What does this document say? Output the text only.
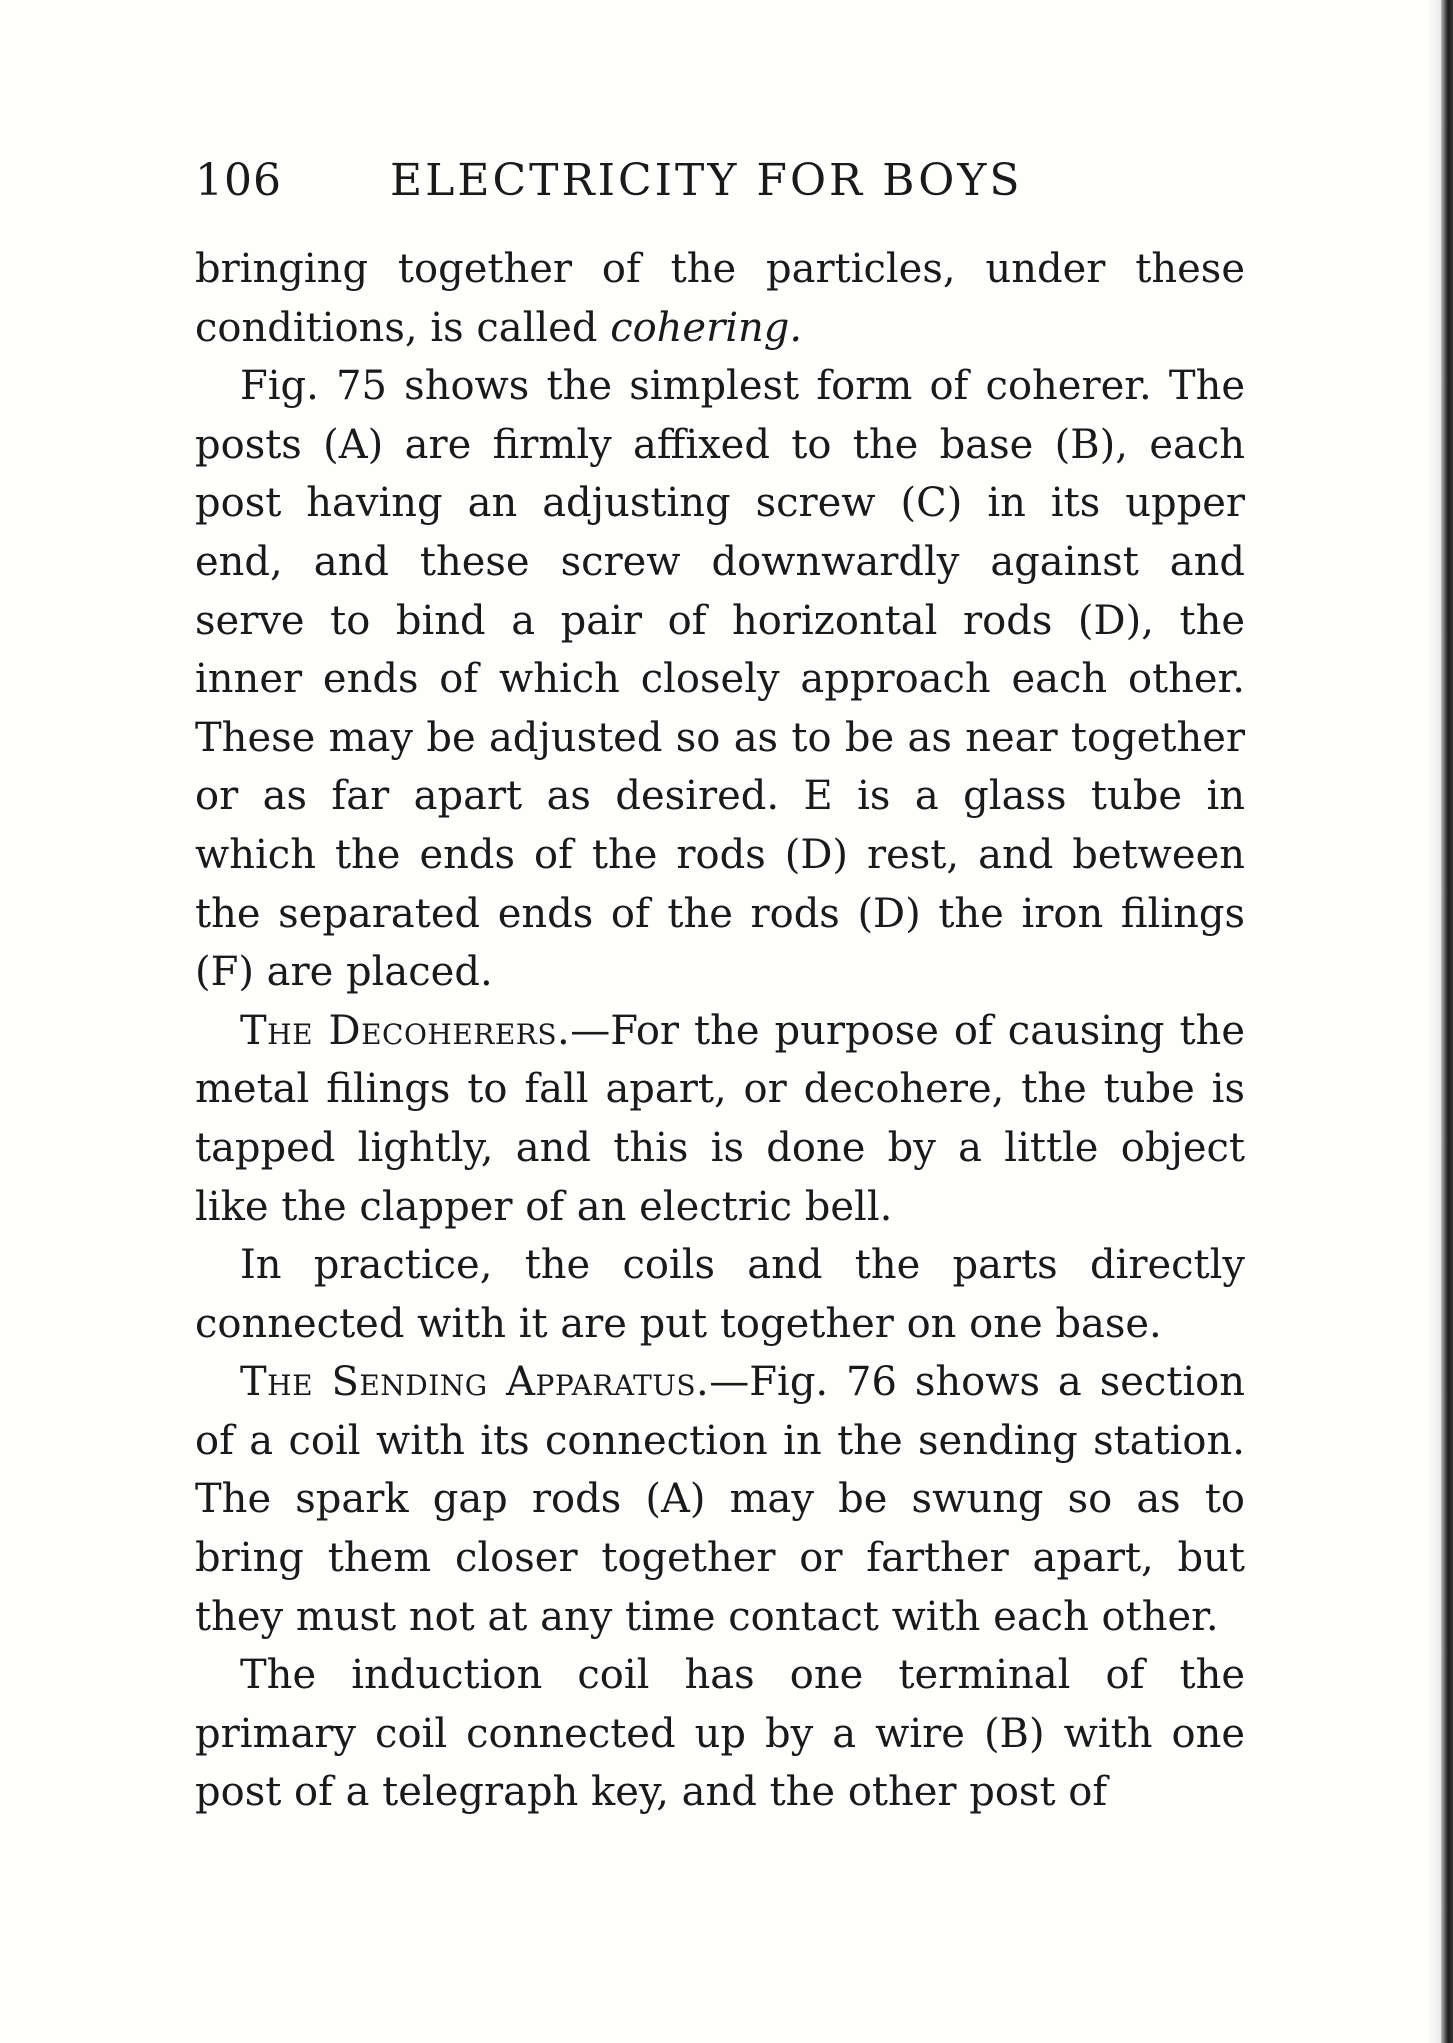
106 ELECTRICITY FOR BOYS

bringing together of the particles, under these conditions, is called cohering.

Fig. 75 shows the simplest form of coherer. The posts (A) are firmly affixed to the base (B), each post having an adjusting screw (C) in its upper end, and these screw downwardly against and serve to bind a pair of horizontal rods (D), the inner ends of which closely approach each other. These may be adjusted so as to be as near together or as far apart as desired. E is a glass tube in which the ends of the rods (D) rest, and between the separated ends of the rods (D) the iron filings (F) are placed.

The Decoherers.—For the purpose of causing the metal filings to fall apart, or decohere, the tube is tapped lightly, and this is done by a little object like the clapper of an electric bell.

In practice, the coils and the parts directly connected with it are put together on one base.

The Sending Apparatus.—Fig. 76 shows a section of a coil with its connection in the sending station. The spark gap rods (A) may be swung so as to bring them closer together or farther apart, but they must not at any time contact with each other.

The induction coil has one terminal of the primary coil connected up by a wire (B) with one post of a telegraph key, and the other post of
